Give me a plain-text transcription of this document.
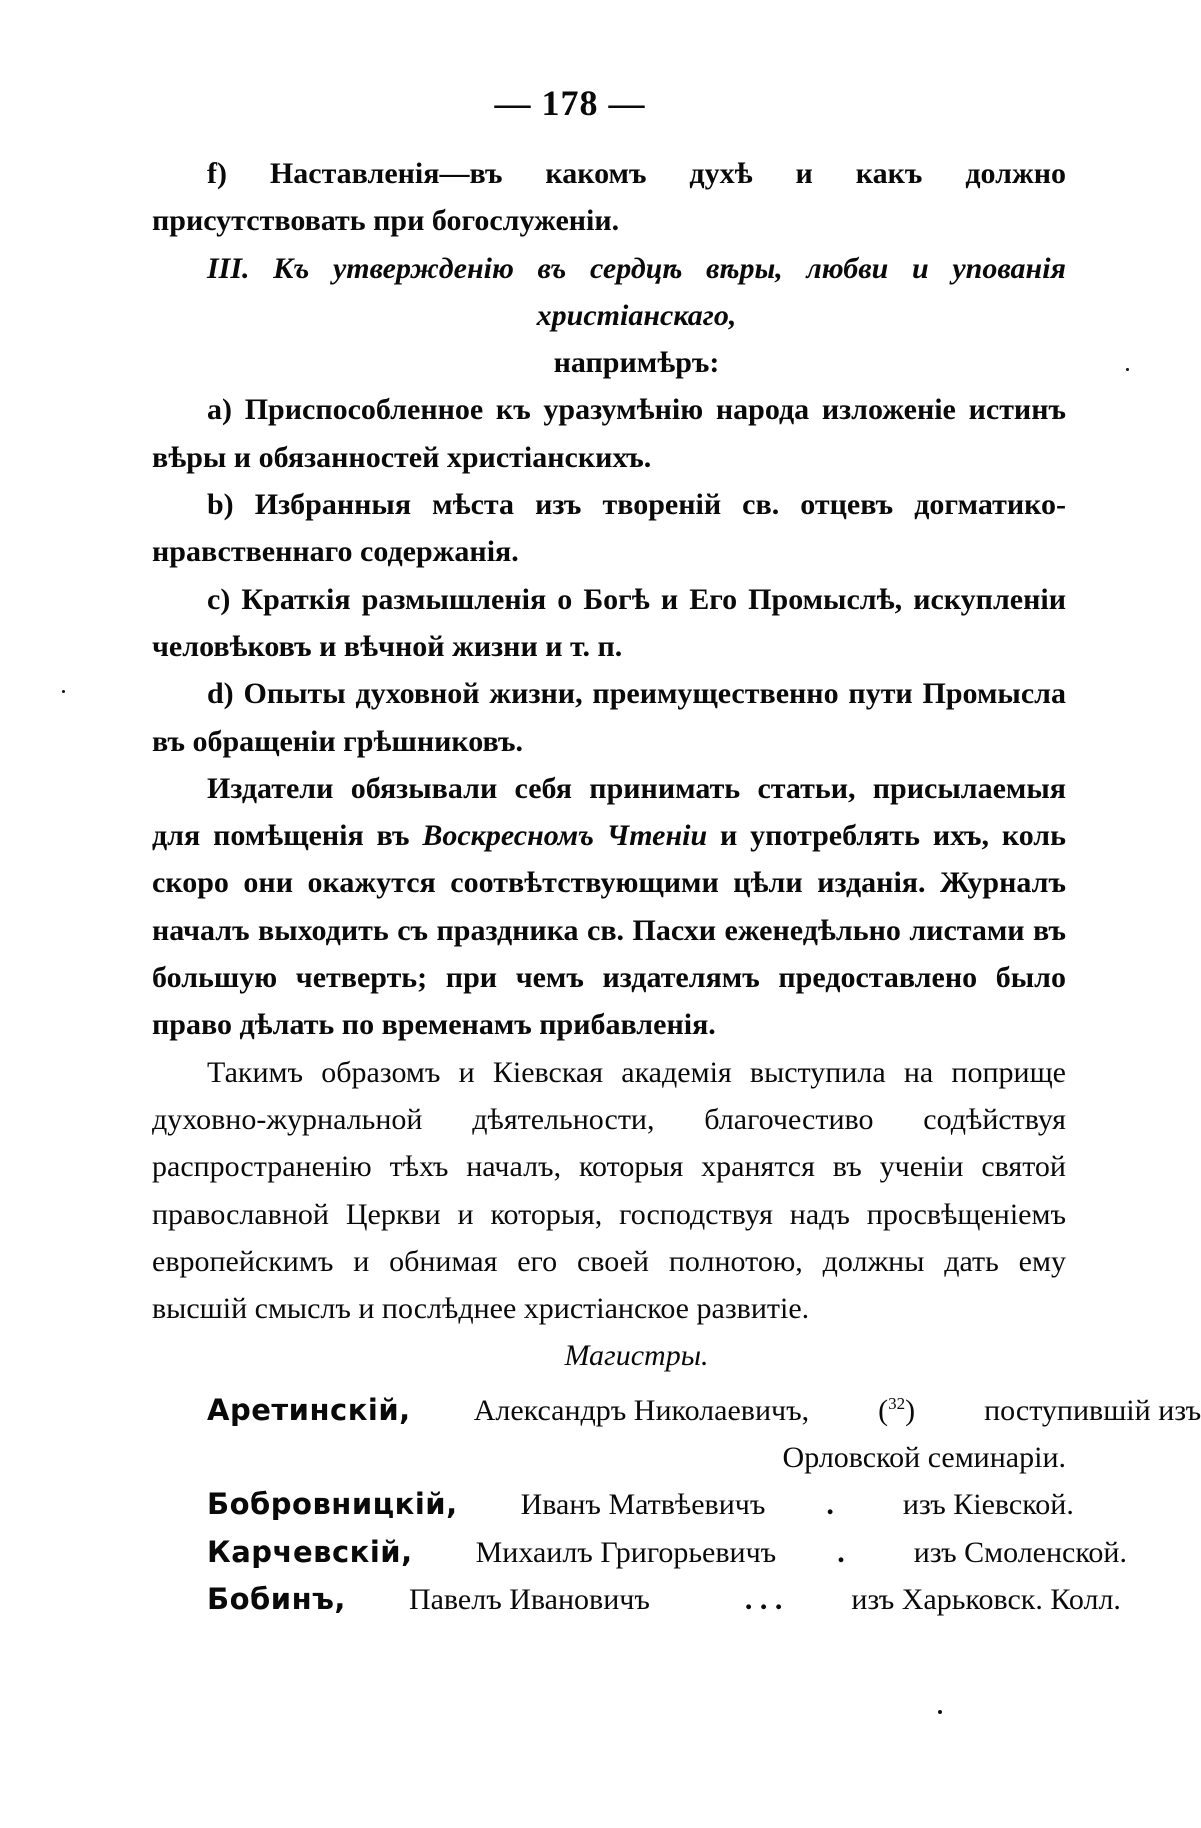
— 178 —

f) Наставленія—въ какомъ духѣ и какъ должно присутствовать при богослуженіи.

III. Къ утвержденію въ сердцѣ вѣры, любви и упованія

христіанскаго,

напримѣръ:

a) Приспособленное къ уразумѣнію народа изложеніе истинъ вѣры и обязанностей христіанскихъ.

b) Избранныя мѣста изъ твореній св. отцевъ догматико-нравственнаго содержанія.

c) Краткія размышленія о Богѣ и Его Промыслѣ, искупленіи человѣковъ и вѣчной жизни и т. п.

d) Опыты духовной жизни, преимущественно пути Промысла въ обращеніи грѣшниковъ.

Издатели обязывали себя принимать статьи, присылаемыя для помѣщенія въ Воскресномъ Чтеніи и употреблять ихъ, коль скоро они окажутся соотвѣтствующими цѣли изданія. Журналъ началъ выходить съ праздника св. Пасхи еженедѣльно листами въ большую четверть; при чемъ издателямъ предоставлено было право дѣлать по временамъ прибавленія.

Такимъ образомъ и Кіевская академія выступила на поприще духовно-журнальной дѣятельности, благочестиво содѣйствуя распространенію тѣхъ началъ, которыя хранятся въ ученіи святой православной Церкви и которыя, господствуя надъ просвѣщеніемъ европейскимъ и обнимая его своей полнотою, должны дать ему высшій смыслъ и послѣднее христіанское развитіе.

Магистры.

Аретинскій,	Александръ Николаевичъ,	($^{32}$)	поступившій изъ

Орловской семинаріи.

Бобровницкій,	Иванъ Матвѣевичъ	.	изъ Кіевской.

Карчевскій,	Михаилъ Григорьевичъ	.	изъ Смоленской.

Бобинъ,	Павелъ Ивановичъ	. . .	изъ Харьковск. Колл.
